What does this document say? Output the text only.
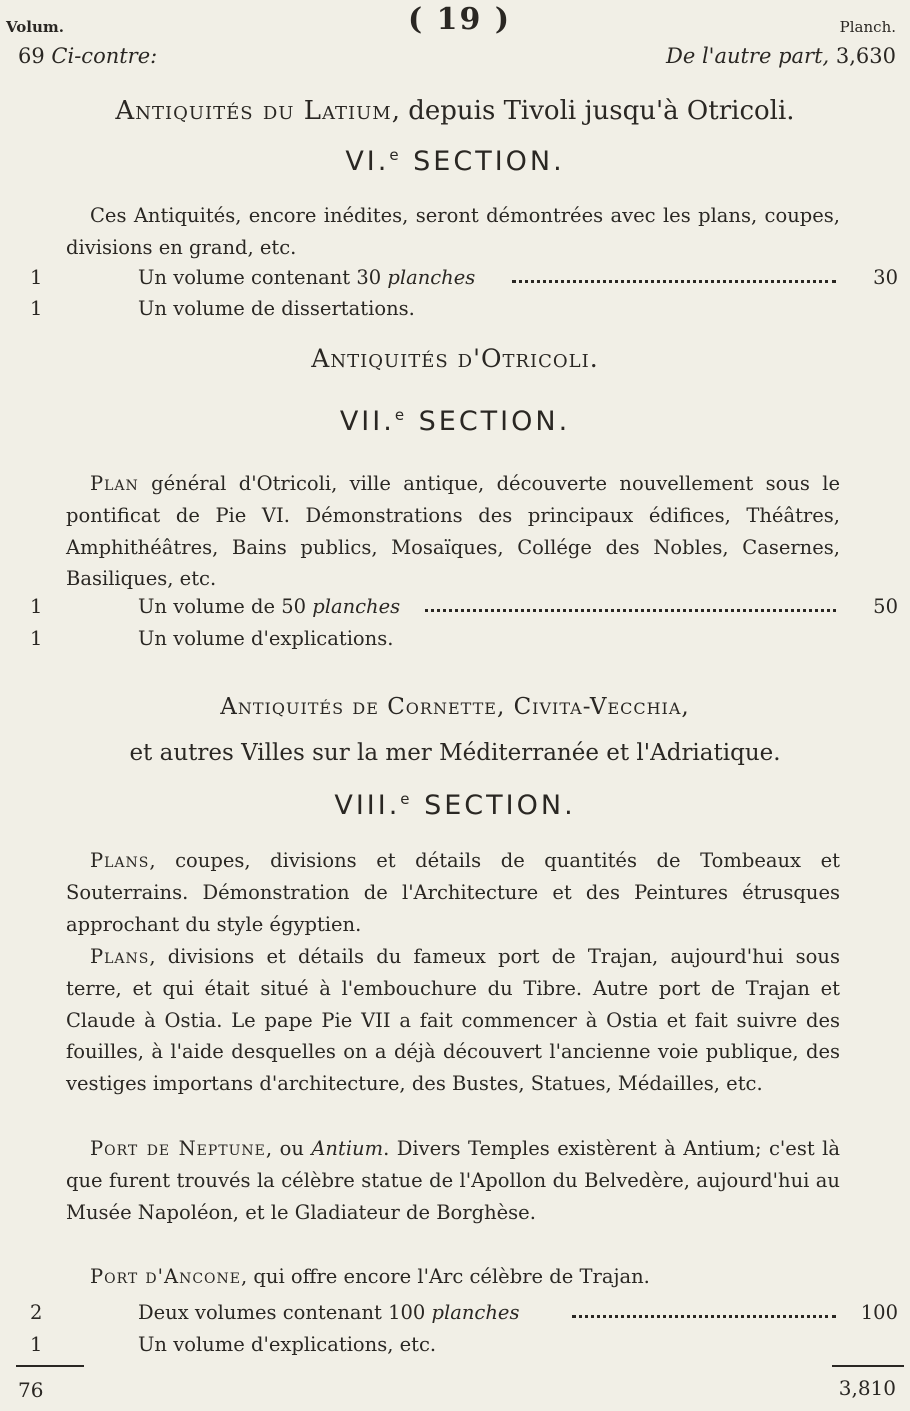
Volum.	( 19 )	Planch.
69 Ci-contre:	De l'autre part, 3,630
Antiquités du Latium, depuis Tivoli jusqu'à Otricoli.
VI.$^e$ SECTION.
Ces Antiquités, encore inédites, seront démontrées avec les plans, coupes, divisions en grand, etc.
1	Un volume contenant 30 planches	30
1	Un volume de dissertations.
Antiquités d'Otricoli.
VII.$^e$ SECTION.
Plan général d'Otricoli, ville antique, découverte nouvellement sous le pontificat de Pie VI. Démonstrations des principaux édifices, Théâtres, Amphithéâtres, Bains publics, Mosaïques, Collége des Nobles, Casernes, Basiliques, etc.
1	Un volume de 50 planches	50
1	Un volume d'explications.
Antiquités de Cornette, Civita-Vecchia,
et autres Villes sur la mer Méditerranée et l'Adriatique.
VIII.$^e$ SECTION.
Plans, coupes, divisions et détails de quantités de Tombeaux et Souterrains. Démonstration de l'Architecture et des Peintures étrusques approchant du style égyptien.
Plans, divisions et détails du fameux port de Trajan, aujourd'hui sous terre, et qui était situé à l'embouchure du Tibre. Autre port de Trajan et Claude à Ostia. Le pape Pie VII a fait commencer à Ostia et fait suivre des fouilles, à l'aide desquelles on a déjà découvert l'ancienne voie publique, des vestiges importans d'architecture, des Bustes, Statues, Médailles, etc.
Port de Neptune, ou Antium. Divers Temples existèrent à Antium; c'est là que furent trouvés la célèbre statue de l'Apollon du Belvedère, aujourd'hui au Musée Napoléon, et le Gladiateur de Borghèse.
Port d'Ancone, qui offre encore l'Arc célèbre de Trajan.
2	Deux volumes contenant 100 planches	100
1	Un volume d'explications, etc.
76	3,810
